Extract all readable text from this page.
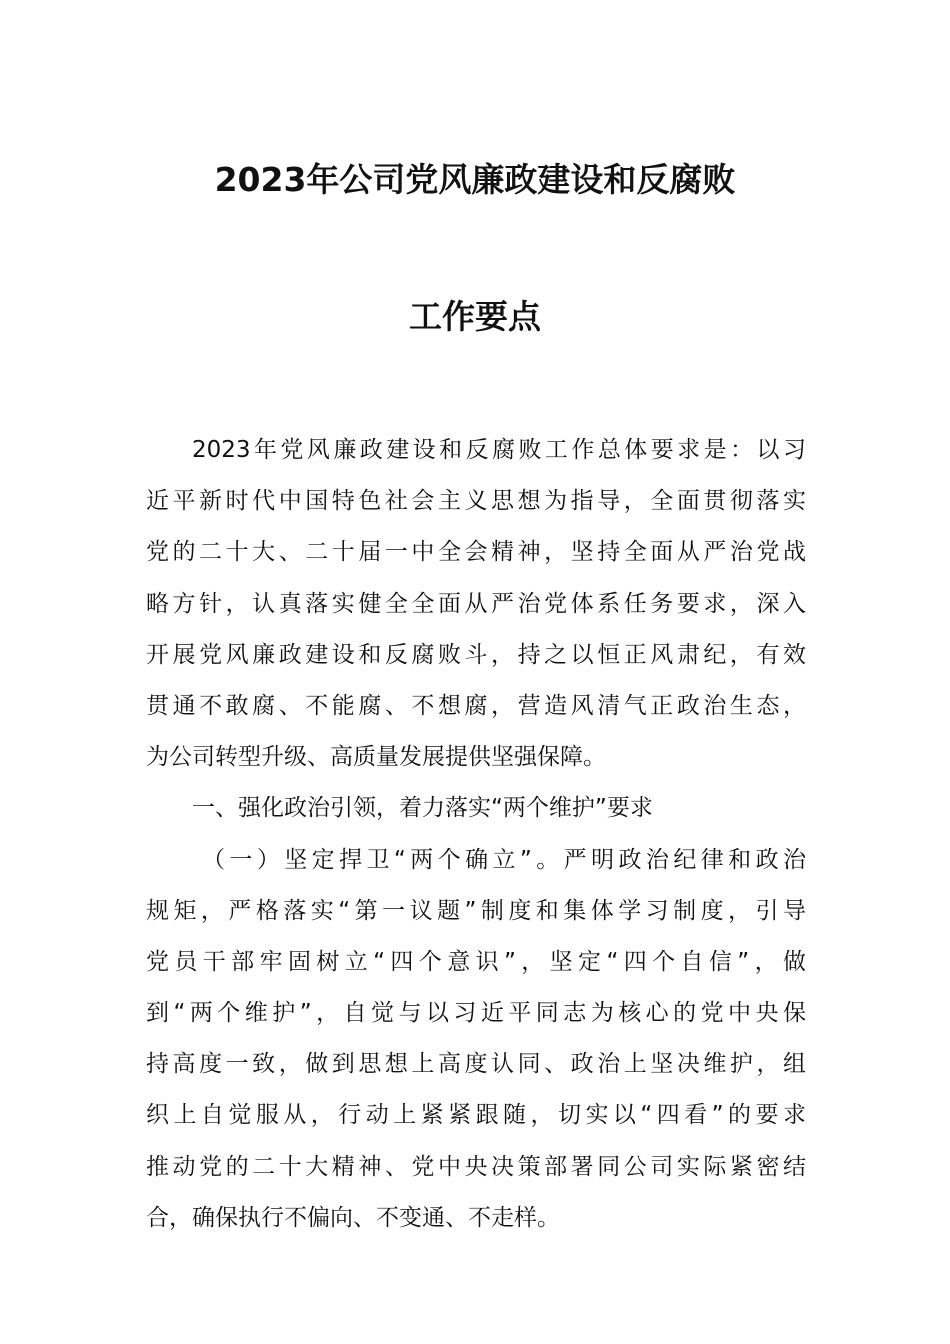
2023年公司党风廉政建设和反腐败
工作要点
2023年党风廉政建设和反腐败工作总体要求是：以习
近平新时代中国特色社会主义思想为指导，全面贯彻落实
党的二十大、二十届一中全会精神，坚持全面从严治党战
略方针，认真落实健全全面从严治党体系任务要求，深入
开展党风廉政建设和反腐败斗，持之以恒正风肃纪，有效
贯通不敢腐、不能腐、不想腐，营造风清气正政治生态，
为公司转型升级、高质量发展提供坚强保障。
一、强化政治引领，着力落实“两个维护”要求
（一）坚定捍卫“两个确立”。严明政治纪律和政治
规矩，严格落实“第一议题”制度和集体学习制度，引导
党员干部牢固树立“四个意识”，坚定“四个自信”，做
到“两个维护”，自觉与以习近平同志为核心的党中央保
持高度一致，做到思想上高度认同、政治上坚决维护，组
织上自觉服从，行动上紧紧跟随，切实以“四看”的要求
推动党的二十大精神、党中央决策部署同公司实际紧密结
合，确保执行不偏向、不变通、不走样。
